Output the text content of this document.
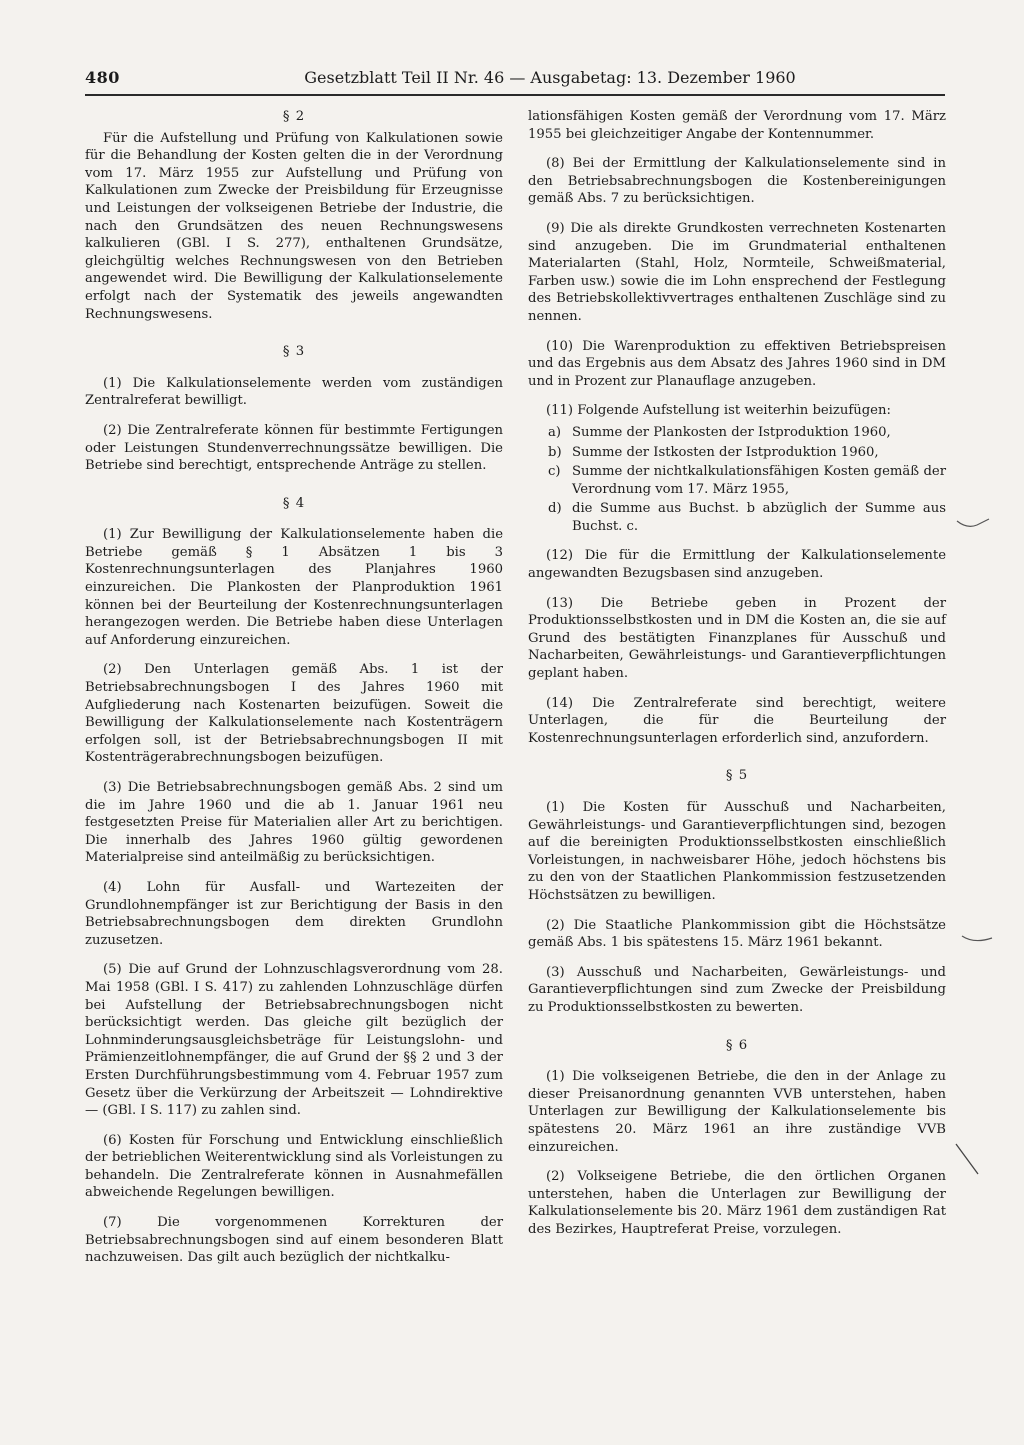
480	Gesetzblatt Teil II Nr. 46 — Ausgabetag: 13. Dezember 1960
§ 2

Für die Aufstellung und Prüfung von Kalkulationen sowie für die Behandlung der Kosten gelten die in der Verordnung vom 17. März 1955 zur Aufstellung und Prüfung von Kalkulationen zum Zwecke der Preisbildung für Erzeugnisse und Leistungen der volkseigenen Betriebe der Industrie, die nach den Grundsätzen des neuen Rechnungswesens kalkulieren (GBl. I S. 277), enthaltenen Grundsätze, gleichgültig welches Rechnungswesen von den Betrieben angewendet wird. Die Bewilligung der Kalkulationselemente erfolgt nach der Systematik des jeweils angewandten Rechnungswesens.

§ 3

(1) Die Kalkulationselemente werden vom zuständigen Zentralreferat bewilligt.

(2) Die Zentralreferate können für bestimmte Fertigungen oder Leistungen Stundenverrechnungssätze bewilligen. Die Betriebe sind berechtigt, entsprechende Anträge zu stellen.

§ 4

(1) Zur Bewilligung der Kalkulationselemente haben die Betriebe gemäß § 1 Absätzen 1 bis 3 Kostenrechnungsunterlagen des Planjahres 1960 einzureichen. Die Plankosten der Planproduktion 1961 können bei der Beurteilung der Kostenrechnungsunterlagen herangezogen werden. Die Betriebe haben diese Unterlagen auf Anforderung einzureichen.

(2) Den Unterlagen gemäß Abs. 1 ist der Betriebsabrechnungsbogen I des Jahres 1960 mit Aufgliederung nach Kostenarten beizufügen. Soweit die Bewilligung der Kalkulationselemente nach Kostenträgern erfolgen soll, ist der Betriebsabrechnungsbogen II mit Kostenträgerabrechnungsbogen beizufügen.

(3) Die Betriebsabrechnungsbogen gemäß Abs. 2 sind um die im Jahre 1960 und die ab 1. Januar 1961 neu festgesetzten Preise für Materialien aller Art zu berichtigen. Die innerhalb des Jahres 1960 gültig gewordenen Materialpreise sind anteilmäßig zu berücksichtigen.

(4) Lohn für Ausfall- und Wartezeiten der Grundlohnempfänger ist zur Berichtigung der Basis in den Betriebsabrechnungsbogen dem direkten Grundlohn zuzusetzen.

(5) Die auf Grund der Lohnzuschlagsverordnung vom 28. Mai 1958 (GBl. I S. 417) zu zahlenden Lohnzuschläge dürfen bei Aufstellung der Betriebsabrechnungsbogen nicht berücksichtigt werden. Das gleiche gilt bezüglich der Lohnminderungsausgleichsbeträge für Leistungslohn- und Prämienzeitlohnempfänger, die auf Grund der §§ 2 und 3 der Ersten Durchführungsbestimmung vom 4. Februar 1957 zum Gesetz über die Verkürzung der Arbeitszeit — Lohndirektive — (GBl. I S. 117) zu zahlen sind.

(6) Kosten für Forschung und Entwicklung einschließlich der betrieblichen Weiterentwicklung sind als Vorleistungen zu behandeln. Die Zentralreferate können in Ausnahmefällen abweichende Regelungen bewilligen.

(7) Die vorgenommenen Korrekturen der Betriebsabrechnungsbogen sind auf einem besonderen Blatt nachzuweisen. Das gilt auch bezüglich der nichtkalku-

lationsfähigen Kosten gemäß der Verordnung vom 17. März 1955 bei gleichzeitiger Angabe der Kontennummer.

(8) Bei der Ermittlung der Kalkulationselemente sind in den Betriebsabrechnungsbogen die Kostenbereinigungen gemäß Abs. 7 zu berücksichtigen.

(9) Die als direkte Grundkosten verrechneten Kostenarten sind anzugeben. Die im Grundmaterial enthaltenen Materialarten (Stahl, Holz, Normteile, Schweißmaterial, Farben usw.) sowie die im Lohn ensprechend der Festlegung des Betriebskollektivvertrages enthaltenen Zuschläge sind zu nennen.

(10) Die Warenproduktion zu effektiven Betriebspreisen und das Ergebnis aus dem Absatz des Jahres 1960 sind in DM und in Prozent zur Planauflage anzugeben.

(11) Folgende Aufstellung ist weiterhin beizufügen:

a) Summe der Plankosten der Istproduktion 1960,
b) Summe der Istkosten der Istproduktion 1960,
c) Summe der nichtkalkulationsfähigen Kosten gemäß der Verordnung vom 17. März 1955,
d) die Summe aus Buchst. b abzüglich der Summe aus Buchst. c.

(12) Die für die Ermittlung der Kalkulationselemente angewandten Bezugsbasen sind anzugeben.

(13) Die Betriebe geben in Prozent der Produktionsselbstkosten und in DM die Kosten an, die sie auf Grund des bestätigten Finanzplanes für Ausschuß und Nacharbeiten, Gewährleistungs- und Garantieverpflichtungen geplant haben.

(14) Die Zentralreferate sind berechtigt, weitere Unterlagen, die für die Beurteilung der Kostenrechnungsunterlagen erforderlich sind, anzufordern.

§ 5

(1) Die Kosten für Ausschuß und Nacharbeiten, Gewährleistungs- und Garantieverpflichtungen sind, bezogen auf die bereinigten Produktionsselbstkosten einschließlich Vorleistungen, in nachweisbarer Höhe, jedoch höchstens bis zu den von der Staatlichen Plankommission festzusetzenden Höchstsätzen zu bewilligen.

(2) Die Staatliche Plankommission gibt die Höchstsätze gemäß Abs. 1 bis spätestens 15. März 1961 bekannt.

(3) Ausschuß und Nacharbeiten, Gewärleistungs- und Garantieverpflichtungen sind zum Zwecke der Preisbildung zu Produktionsselbstkosten zu bewerten.

§ 6

(1) Die volkseigenen Betriebe, die den in der Anlage zu dieser Preisanordnung genannten VVB unterstehen, haben Unterlagen zur Bewilligung der Kalkulationselemente bis spätestens 20. März 1961 an ihre zuständige VVB einzureichen.

(2) Volkseigene Betriebe, die den örtlichen Organen unterstehen, haben die Unterlagen zur Bewilligung der Kalkulationselemente bis 20. März 1961 dem zuständigen Rat des Bezirkes, Hauptreferat Preise, vorzulegen.
